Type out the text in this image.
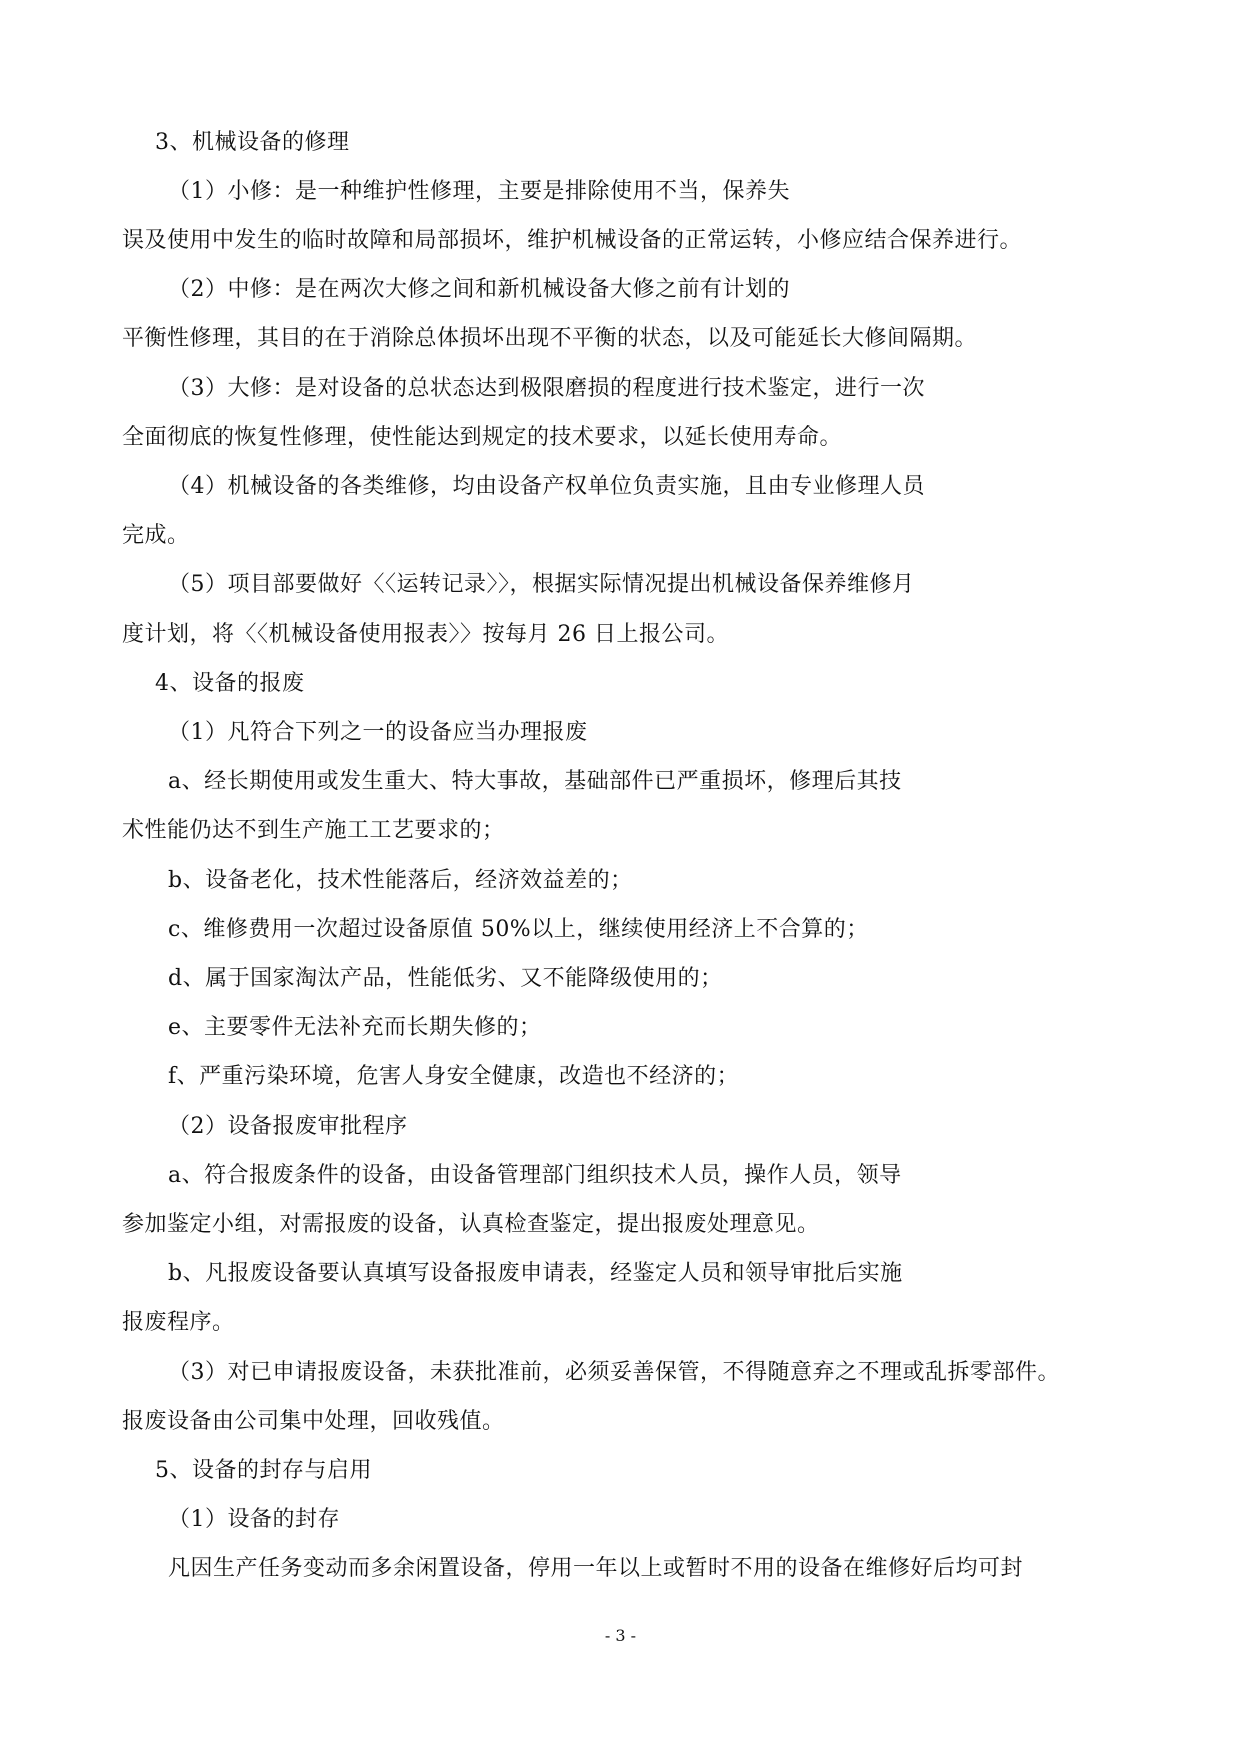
3、机械设备的修理
（1）小修：是一种维护性修理，主要是排除使用不当，保养失
误及使用中发生的临时故障和局部损坏，维护机械设备的正常运转，小修应结合保养进行。
（2）中修：是在两次大修之间和新机械设备大修之前有计划的
平衡性修理，其目的在于消除总体损坏出现不平衡的状态，以及可能延长大修间隔期。
（3）大修：是对设备的总状态达到极限磨损的程度进行技术鉴定，进行一次
全面彻底的恢复性修理，使性能达到规定的技术要求，以延长使用寿命。
（4）机械设备的各类维修，均由设备产权单位负责实施，且由专业修理人员
完成。
（5）项目部要做好〈〈运转记录〉〉，根据实际情况提出机械设备保养维修月
度计划，将〈〈机械设备使用报表〉〉按每月 26 日上报公司。
4、设备的报废
（1）凡符合下列之一的设备应当办理报废
a、经长期使用或发生重大、特大事故，基础部件已严重损坏，修理后其技
术性能仍达不到生产施工工艺要求的；
b、设备老化，技术性能落后，经济效益差的；
c、维修费用一次超过设备原值 50%以上，继续使用经济上不合算的；
d、属于国家淘汰产品，性能低劣、又不能降级使用的；
e、主要零件无法补充而长期失修的；
f、严重污染环境，危害人身安全健康，改造也不经济的；
（2）设备报废审批程序
a、符合报废条件的设备，由设备管理部门组织技术人员，操作人员，领导
参加鉴定小组，对需报废的设备，认真检查鉴定，提出报废处理意见。
b、凡报废设备要认真填写设备报废申请表，经鉴定人员和领导审批后实施
报废程序。
（3）对已申请报废设备，未获批准前，必须妥善保管，不得随意弃之不理或乱拆零部件。
报废设备由公司集中处理，回收残值。
5、设备的封存与启用
（1）设备的封存
凡因生产任务变动而多余闲置设备，停用一年以上或暂时不用的设备在维修好后均可封
- 3 -
